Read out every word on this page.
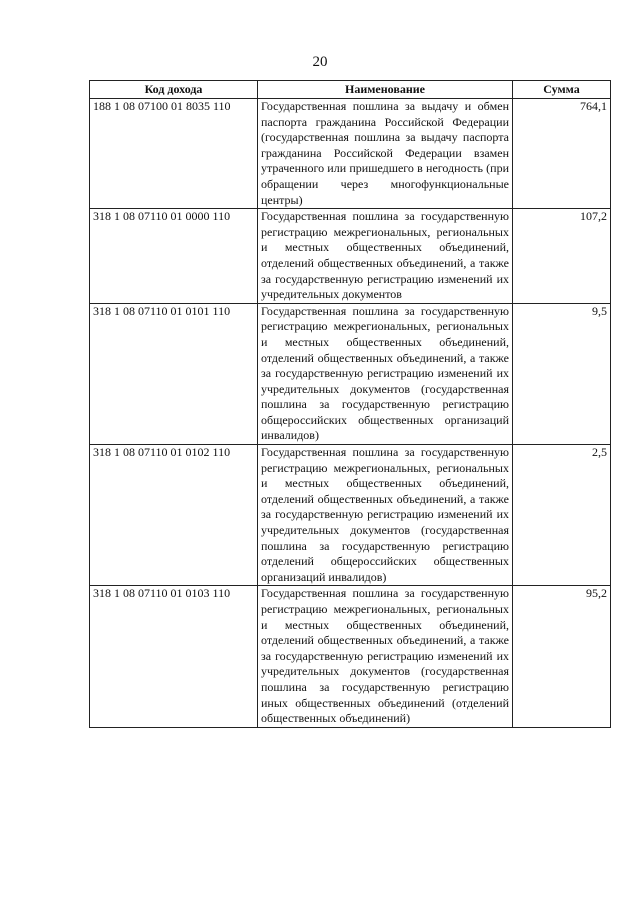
20
Код дохода	Наименование	Сумма
188 1 08 07100 01 8035 110	Государственная пошлина за выдачу и обмен паспорта гражданина Российской Федерации (государственная пошлина за выдачу паспорта гражданина Российской Федерации взамен утраченного или пришедшего в негодность (при обращении через многофункциональные центры)	764,1
318 1 08 07110 01 0000 110	Государственная пошлина за государственную регистрацию межрегиональных, региональных и местных общественных объединений, отделений общественных объединений, а также за государственную регистрацию изменений их учредительных документов	107,2
318 1 08 07110 01 0101 110	Государственная пошлина за государственную регистрацию межрегиональных, региональных и местных общественных объединений, отделений общественных объединений, а также за государственную регистрацию изменений их учредительных документов (государственная пошлина за государственную регистрацию общероссийских общественных организаций инвалидов)	9,5
318 1 08 07110 01 0102 110	Государственная пошлина за государственную регистрацию межрегиональных, региональных и местных общественных объединений, отделений общественных объединений, а также за государственную регистрацию изменений их учредительных документов (государственная пошлина за государственную регистрацию отделений общероссийских общественных организаций инвалидов)	2,5
318 1 08 07110 01 0103 110	Государственная пошлина за государственную регистрацию межрегиональных, региональных и местных общественных объединений, отделений общественных объединений, а также за государственную регистрацию изменений их учредительных документов (государственная пошлина за государственную регистрацию иных общественных объединений (отделений общественных объединений)	95,2
